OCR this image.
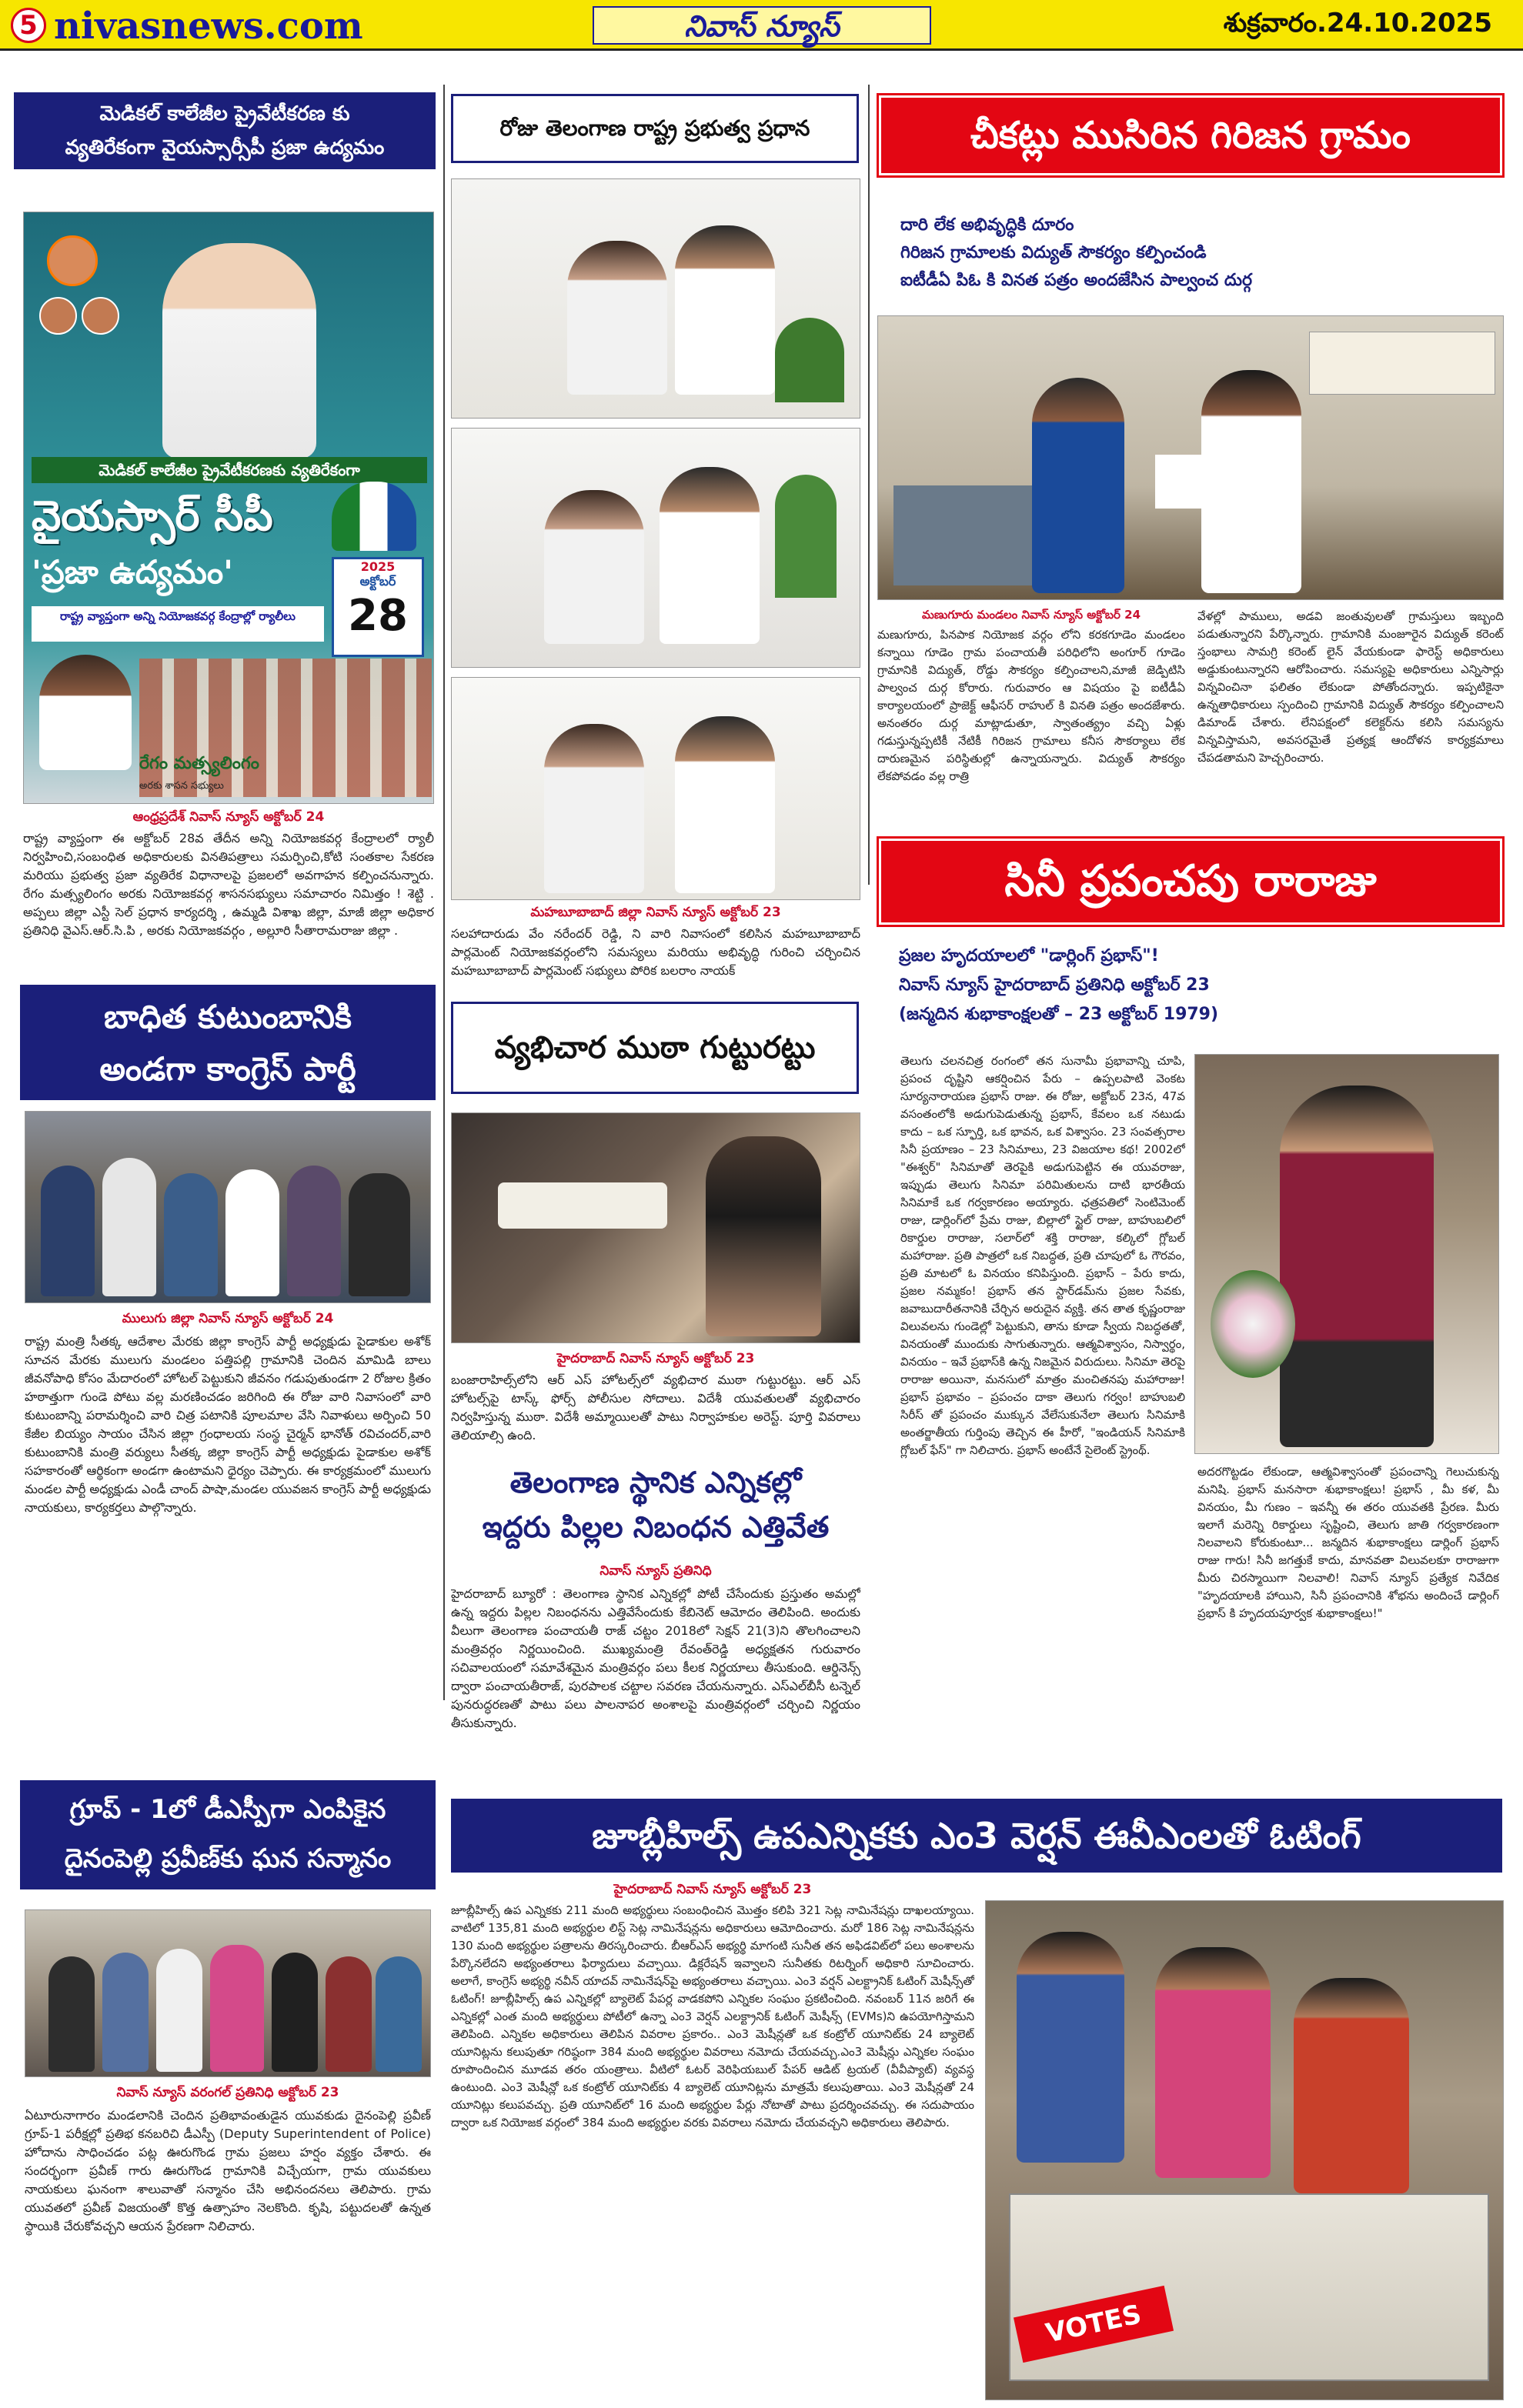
5 nivasnews.com	నివాస్ న్యూస్	శుక్రవారం.24.10.2025
మెడికల్ కాలేజీల ప్రైవేటీకరణ కు
వ్యతిరేకంగా వైయస్సార్సీపీ ప్రజా ఉద్యమం
మెడికల్ కాలేజీల ప్రైవేటీకరణకు వ్యతిరేకంగా
వైయస్సార్ సీపీ
'ప్రజా ఉద్యమం'	2025
అక్టోబర్
28
రాష్ట్ర వ్యాప్తంగా అన్ని నియోజకవర్గ కేంద్రాల్లో ర్యాలీలు
రేగం మత్స్యలింగం
అరకు శాసన సభ్యులు
ఆంధ్రప్రదేశ్ నివాస్ న్యూస్ అక్టోబర్ 24
రాష్ట్ర వ్యాప్తంగా ఈ అక్టోబర్ 28వ తేదీన అన్ని నియోజకవర్గ కేంద్రాలలో ర్యాలీ నిర్వహించి,సంబంధిత అధికారులకు వినతిపత్రాలు సమర్పించి,కోటి సంతకాల సేకరణ మరియు ప్రభుత్వ ప్రజా వ్యతిరేక విధానాలపై ప్రజలలో అవగాహన కల్పించనున్నారు. రేగం మత్స్యలింగం అరకు నియోజకవర్గ శాసనసభ్యులు సమాచారం నిమిత్తం ! శెట్టి . అప్పలు జిల్లా ఎస్టీ సెల్ ప్రధాన కార్యదర్శి , ఉమ్మడి విశాఖ జిల్లా, మాజీ జిల్లా అధికార ప్రతినిధి వైఎస్.ఆర్.సి.పి , అరకు నియోజకవర్గం , అల్లూరి సీతారామరాజు జిల్లా .
బాధిత కుటుంబానికి
అండగా కాంగ్రెస్ పార్టీ
ములుగు జిల్లా నివాస్ న్యూస్ అక్టోబర్ 24
రాష్ట్ర మంత్రి సీతక్క ఆదేశాల మేరకు జిల్లా కాంగ్రెస్ పార్టీ అధ్యక్షుడు పైడాకుల అశోక్ సూచన మేరకు ములుగు మండలం పత్తిపల్లి గ్రామానికి చెందిన మామిడి బాలు జీవనోపాధి కోసం మేదారంలో హోటల్ పెట్టుకుని జీవనం గడుపుతుండగా 2 రోజుల క్రితం హఠాత్తుగా గుండె పోటు వల్ల మరణించడం జరిగింది ఈ రోజు వారి నివాసంలో వారి కుటుంబాన్ని పరామర్శించి వారి చిత్ర పటానికి పూలమాల వేసి నివాళులు అర్పించి 50 కేజీల బియ్యం సాయం చేసిన జిల్లా గ్రంధాలయ సంస్థ చైర్మన్ భానోత్ రవిచందర్,వారి కుటుంబానికి మంత్రి వర్యులు సీతక్క జిల్లా కాంగ్రెస్ పార్టీ అధ్యక్షుడు పైడాకుల అశోక్ సహకారంతో ఆర్థికంగా అండగా ఉంటామని ధైర్యం చెప్పారు. ఈ కార్యక్రమంలో ములుగు మండల పార్టీ అధ్యక్షుడు ఎండీ చాంద్ పాషా,మండల యువజన కాంగ్రెస్ పార్టీ అధ్యక్షుడు నాయకులు, కార్యకర్తలు పాల్గొన్నారు.
గ్రూప్ - 1లో డీఎస్పీగా ఎంపికైన
దైనంపెల్లి ప్రవీణ్‌కు ఘన సన్మానం
నివాస్ న్యూస్ వరంగల్ ప్రతినిధి అక్టోబర్ 23
ఏటూరునాగారం మండలానికి చెందిన ప్రతిభావంతుడైన యువకుడు దైనంపెల్లి ప్రవీణ్ గ్రూప్-1 పరీక్షల్లో ప్రతిభ కనబరిచి డీఎస్పీ (Deputy Superintendent of Police) హోదాను సాధించడం పట్ల ఊరుగొండ గ్రామ ప్రజలు హర్షం వ్యక్తం చేశారు. ఈ సందర్భంగా ప్రవీణ్ గారు ఊరుగొండ గ్రామానికి విచ్చేయగా, గ్రామ యువకులు నాయకులు ఘనంగా శాలువాతో సన్మానం చేసి అభినందనలు తెలిపారు. గ్రామ యువతలో ప్రవీణ్ విజయంతో కొత్త ఉత్సాహం నెలకొంది. కృషి, పట్టుదలతో ఉన్నత స్థాయికి చేరుకోవచ్చని ఆయన ప్రేరణగా నిలిచారు.
రోజు తెలంగాణ రాష్ట్ర ప్రభుత్వ ప్రధాన
మహబూబాబాద్ జిల్లా నివాస్ న్యూస్ అక్టోబర్ 23
సలహాదారుడు వేం నరేందర్ రెడ్డి, ని వారి నివాసంలో కలిసిన మహబూబాబాద్ పార్లమెంట్ నియోజకవర్గంలోని సమస్యలు మరియు అభివృద్ధి గురించి చర్చించిన మహబూబాబాద్ పార్లమెంట్ సభ్యులు పోరిక బలరాం నాయక్
వ్యభిచార ముఠా గుట్టురట్టు
హైదరాబాద్ నివాస్ న్యూస్ అక్టోబర్ 23
బంజారాహిల్స్‌లోని ఆర్ ఎస్ హోటల్స్‌లో వ్యభిచార ముఠా గుట్టురట్టు. ఆర్ ఎస్ హోటల్స్‌పై టాస్క్ ఫోర్స్ పోలీసుల సోదాలు. విదేశీ యువతులతో వ్యభిచారం నిర్వహిస్తున్న ముఠా. విదేశీ అమ్మాయిలతో పాటు నిర్వాహకుల అరెస్ట్. పూర్తి వివరాలు తెలియాల్సి ఉంది.
తెలంగాణ స్థానిక ఎన్నికల్లో
ఇద్దరు పిల్లల నిబంధన ఎత్తివేత
నివాస్ న్యూస్ ప్రతినిధి
హైదరాబాద్ బ్యూరో : తెలంగాణ స్థానిక ఎన్నికల్లో పోటీ చేసేందుకు ప్రస్తుతం అమల్లో ఉన్న ఇద్దరు పిల్లల నిబంధనను ఎత్తివేసేందుకు కేబినెట్ ఆమోదం తెలిపింది. అందుకు వీలుగా తెలంగాణ పంచాయతీ రాజ్ చట్టం 2018లో సెక్షన్ 21(3)ని తొలగించాలని మంత్రివర్గం నిర్ణయించింది. ముఖ్యమంత్రి రేవంత్‌రెడ్డి అధ్యక్షతన గురువారం సచివాలయంలో సమావేశమైన మంత్రివర్గం పలు కీలక నిర్ణయాలు తీసుకుంది. ఆర్డినెన్స్ ద్వారా పంచాయతీరాజ్, పురపాలక చట్టాల సవరణ చేయనున్నారు. ఎస్ఎల్‌బీసీ టన్నెల్ పునరుద్ధరణతో పాటు పలు పాలనాపర అంశాలపై మంత్రివర్గంలో చర్చించి నిర్ణయం తీసుకున్నారు.
చీకట్లు ముసిరిన గిరిజన గ్రామం
దారి లేక అభివృద్ధికి దూరం
గిరిజన గ్రామాలకు విద్యుత్ సౌకర్యం కల్పించండి
ఐటీడీఏ పిఓ కి వినత పత్రం అందజేసిన పాల్వంచ దుర్గ
మణుగూరు మండలం నివాస్ న్యూస్ అక్టోబర్ 24
మణుగూరు, పినపాక నియోజక వర్గం లోని కరకగూడెం మండలం కన్నాయి గూడెం గ్రామ పంచాయతీ పరిధిలోని అంగూర్ గూడెం గ్రామానికి విద్యుత్, రోడ్డు సౌకర్యం కల్పించాలని,మాజీ జెడ్పిటిసి పాల్వంచ దుర్గ కోరారు. గురువారం ఆ విషయం పై ఐటీడీఏ కార్యాలయంలో ప్రాజెక్ట్ ఆఫీసర్ రాహుల్ కి వినతి పత్రం అందజేశారు. అనంతరం దుర్గ మాట్లాడుతూ, స్వాతంత్య్రం వచ్చి ఏళ్లు గడుస్తున్నప్పటికీ నేటికీ గిరిజన గ్రామాలు కనీస సౌకర్యాలు లేక దారుణమైన పరిస్థితుల్లో ఉన్నాయన్నారు. విద్యుత్ సౌకర్యం లేకపోవడం వల్ల రాత్రి
వేళల్లో పాములు, అడవి జంతువులతో గ్రామస్తులు ఇబ్బంది పడుతున్నారని పేర్కొన్నారు. గ్రామానికి మంజూరైన విద్యుత్ కరెంట్ స్తంభాలు సామగ్రి కరెంట్ లైన్ వేయకుండా ఫారెస్ట్ అధికారులు అడ్డుకుంటున్నారని ఆరోపించారు. సమస్యపై అధికారులు ఎన్నిసార్లు విన్నవించినా ఫలితం లేకుండా పోతోందన్నారు. ఇప్పటికైనా ఉన్నతాధికారులు స్పందించి గ్రామానికి విద్యుత్ సౌకర్యం కల్పించాలని డిమాండ్ చేశారు. లేనిపక్షంలో కలెక్టర్‌ను కలిసి సమస్యను విన్నవిస్తామని, అవసరమైతే ప్రత్యక్ష ఆందోళన కార్యక్రమాలు చేపడతామని హెచ్చరించారు.
సినీ ప్రపంచపు రారాజు
ప్రజల హృదయాలలో "డార్లింగ్ ప్రభాస్"!
నివాస్ న్యూస్ హైదరాబాద్ ప్రతినిధి అక్టోబర్ 23
(జన్మదిన శుభాకాంక్షలతో – 23 అక్టోబర్ 1979)
తెలుగు చలనచిత్ర రంగంలో తన సునామీ ప్రభావాన్ని చూపి, ప్రపంచ దృష్టిని ఆకర్షించిన పేరు – ఉప్పలపాటి వెంకట సూర్యనారాయణ ప్రభాస్ రాజు. ఈ రోజు, అక్టోబర్ 23న, 47వ వసంతంలోకి అడుగుపెడుతున్న ప్రభాస్, కేవలం ఒక నటుడు కాదు – ఒక స్ఫూర్తి, ఒక భావన, ఒక విశ్వాసం. 23 సంవత్సరాల సినీ ప్రయాణం – 23 సినిమాలు, 23 విజయాల కథ! 2002లో "ఈశ్వర్" సినిమాతో తెరపైకి అడుగుపెట్టిన ఈ యువరాజు, ఇప్పుడు తెలుగు సినిమా పరిమితులను దాటి భారతీయ సినిమాకే ఒక గర్వకారణం అయ్యారు. ఛత్రపతిలో సెంటిమెంట్ రాజు, డార్లింగ్‌లో ప్రేమ రాజు, బిల్లాలో స్టైల్ రాజు, బాహుబలిలో రికార్డుల రారాజు, సలార్‌లో శక్తి రారాజు, కల్కిలో గ్లోబల్ మహారాజు. ప్రతి పాత్రలో ఒక నిబద్ధత, ప్రతి చూపులో ఓ గౌరవం, ప్రతి మాటలో ఓ వినయం కనిపిస్తుంది. ప్రభాస్ – పేరు కాదు, ప్రజల నమ్మకం! ప్రభాస్ తన స్టార్‌డమ్‌ను ప్రజల సేవకు, జవాబుదారీతనానికి చేర్చిన అరుదైన వ్యక్తి. తన తాత కృష్ణంరాజు విలువలను గుండెల్లో పెట్టుకుని, తాను కూడా స్వీయ నిబద్ధతతో, వినయంతో ముందుకు సాగుతున్నారు. ఆత్మవిశ్వాసం, నిస్వార్థం, వినయం – ఇవే ప్రభాస్‌కి ఉన్న నిజమైన విరుదులు. సినిమా తెరపై రారాజు అయినా, మనసులో మాత్రం మంచితనపు మహారాజు! ప్రభాస్ ప్రభావం – ప్రపంచం దాకా తెలుగు గర్వం! బాహుబలి సిరీస్ తో ప్రపంచం ముక్కున వేలేసుకునేలా తెలుగు సినిమాకి అంతర్జాతీయ గుర్తింపు తెచ్చిన ఈ హీరో, "ఇండియన్ సినిమాకి గ్లోబల్ ఫేస్" గా నిలిచారు. ప్రభాస్ అంటేనే సైలెంట్ స్ట్రెంథ్.
అదరగొట్టడం లేకుండా, ఆత్మవిశ్వాసంతో ప్రపంచాన్ని గెలుచుకున్న మనిషి. ప్రభాస్ మనసారా శుభాకాంక్షలు! ప్రభాస్ , మీ కళ, మీ వినయం, మీ గుణం – ఇవన్నీ ఈ తరం యువతకి ప్రేరణ. మీరు ఇలాగే మరెన్ని రికార్డులు సృష్టించి, తెలుగు జాతి గర్వకారణంగా నిలవాలని కోరుకుంటూ... జన్మదిన శుభాకాంక్షలు డార్లింగ్ ప్రభాస్ రాజు గారు! సినీ జగత్తుకే కాదు, మానవతా విలువలకూ రారాజుగా మీరు చిరస్మాయిగా నిలవాలి! నివాస్ న్యూస్ ప్రత్యేక నివేదిక "హృదయాలకి హాయిని, సినీ ప్రపంచానికి శోభను అందించే డార్లింగ్ ప్రభాస్ కి హృదయపూర్వక శుభాకాంక్షలు!"
జూబ్లీహిల్స్ ఉపఎన్నికకు ఎం3 వెర్షన్ ఈవీఎంలతో ఓటింగ్
హైదరాబాద్ నివాస్ న్యూస్ అక్టోబర్ 23
జూబ్లీహిల్స్ ఉప ఎన్నికకు 211 మంది అభ్యర్థులు సంబంధించిన మొత్తం కలిపి 321 సెట్ల నామినేషన్లు దాఖలయ్యాయి. వాటిలో 135,81 మంది అభ్యర్థుల లిస్ట్ సెట్ల నామినేషన్లను అధికారులు ఆమోదించారు. మరో 186 సెట్ల నామినేషన్లను 130 మంది అభ్యర్థుల పత్రాలను తిరస్కరించారు. బీఆర్ఎస్ అభ్యర్థి మాగంటి సునీత తన అఫిడవిట్‌లో పలు అంశాలను పేర్కొనలేదని అభ్యంతరాలు ఫిర్యాదులు వచ్చాయి. డిక్లరేషన్ ఇవ్వాలని సునీతకు రిటర్నింగ్ అధికారి సూచించారు. అలాగే, కాంగ్రెస్ అభ్యర్థి నవీన్ యాదవ్ నామినేషన్‌పై అభ్యంతరాలు వచ్చాయి. ఎం3 వర్షన్ ఎలక్ట్రానిక్ ఓటింగ్ మెషీన్స్‌తో ఓటింగ్! జూబ్లీహిల్స్ ఉప ఎన్నికల్లో బ్యాలెట్ పేపర్ల వాడకపోని ఎన్నికల సంఘం ప్రకటించింది. నవంబర్ 11న జరిగే ఈ ఎన్నికల్లో ఎంత మంది అభ్యర్థులు పోటీలో ఉన్నా ఎం3 వెర్షన్ ఎలక్ట్రానిక్ ఓటింగ్ మెషీన్స్ (EVMs)ని ఉపయోగిస్తామని తెలిపింది. ఎన్నికల అధికారులు తెలిపిన వివరాల ప్రకారం.. ఎం3 మెషీన్లతో ఒక కంట్రోల్ యూనిట్‌కు 24 బ్యాలెట్ యూనిట్లను కలుపుతూ గరిష్ఠంగా 384 మంది అభ్యర్థుల వివరాలు నమోదు చేయవచ్చు.ఎం3 మెషీన్లు ఎన్నికల సంఘం రూపొందించిన మూడవ తరం యంత్రాలు. వీటిలో ఓటర్ వెరిఫియబుల్ పేపర్ ఆడిట్ ట్రయల్ (వీవీప్యాట్) వ్యవస్థ ఉంటుంది. ఎం3 మెషీన్లో ఒక కంట్రోల్ యూనిట్‌కు 4 బ్యాలెట్ యూనిట్లను మాత్రమే కలుపుతాయి. ఎం3 మెషీన్లతో 24 యూనిట్లు కలుపవచ్చు. ప్రతి యూనిట్‌లో 16 మంది అభ్యర్థుల పేర్లు నోటాతో పాటు ప్రదర్శించవచ్చు. ఈ సదుపాయం ద్వారా ఒక నియోజక వర్గంలో 384 మంది అభ్యర్థుల వరకు వివరాలు నమోదు చేయవచ్చని అధికారులు తెలిపారు.
VOTES
